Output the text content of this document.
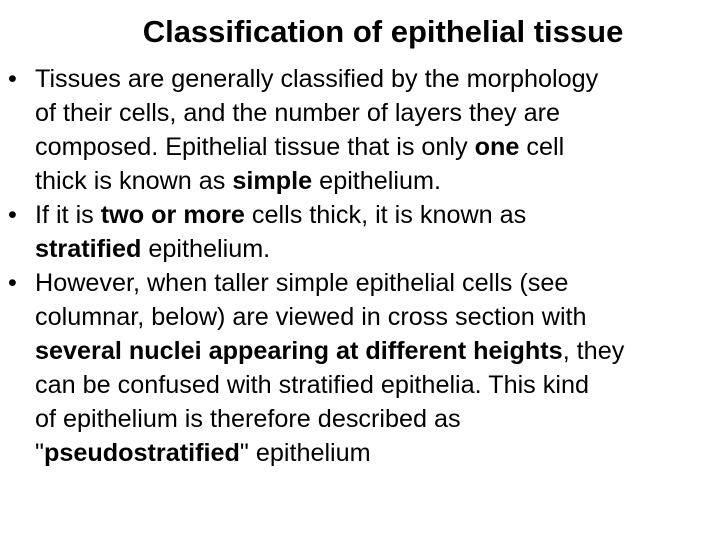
Classification of epithelial tissue
• Tissues are generally classified by the morphology
of their cells, and the number of layers they are
composed. Epithelial tissue that is only one cell
thick is known as simple epithelium.
• If it is two or more cells thick, it is known as
stratified epithelium.
• However, when taller simple epithelial cells (see
columnar, below) are viewed in cross section with
several nuclei appearing at different heights, they
can be confused with stratified epithelia. This kind
of epithelium is therefore described as
"pseudostratified" epithelium
